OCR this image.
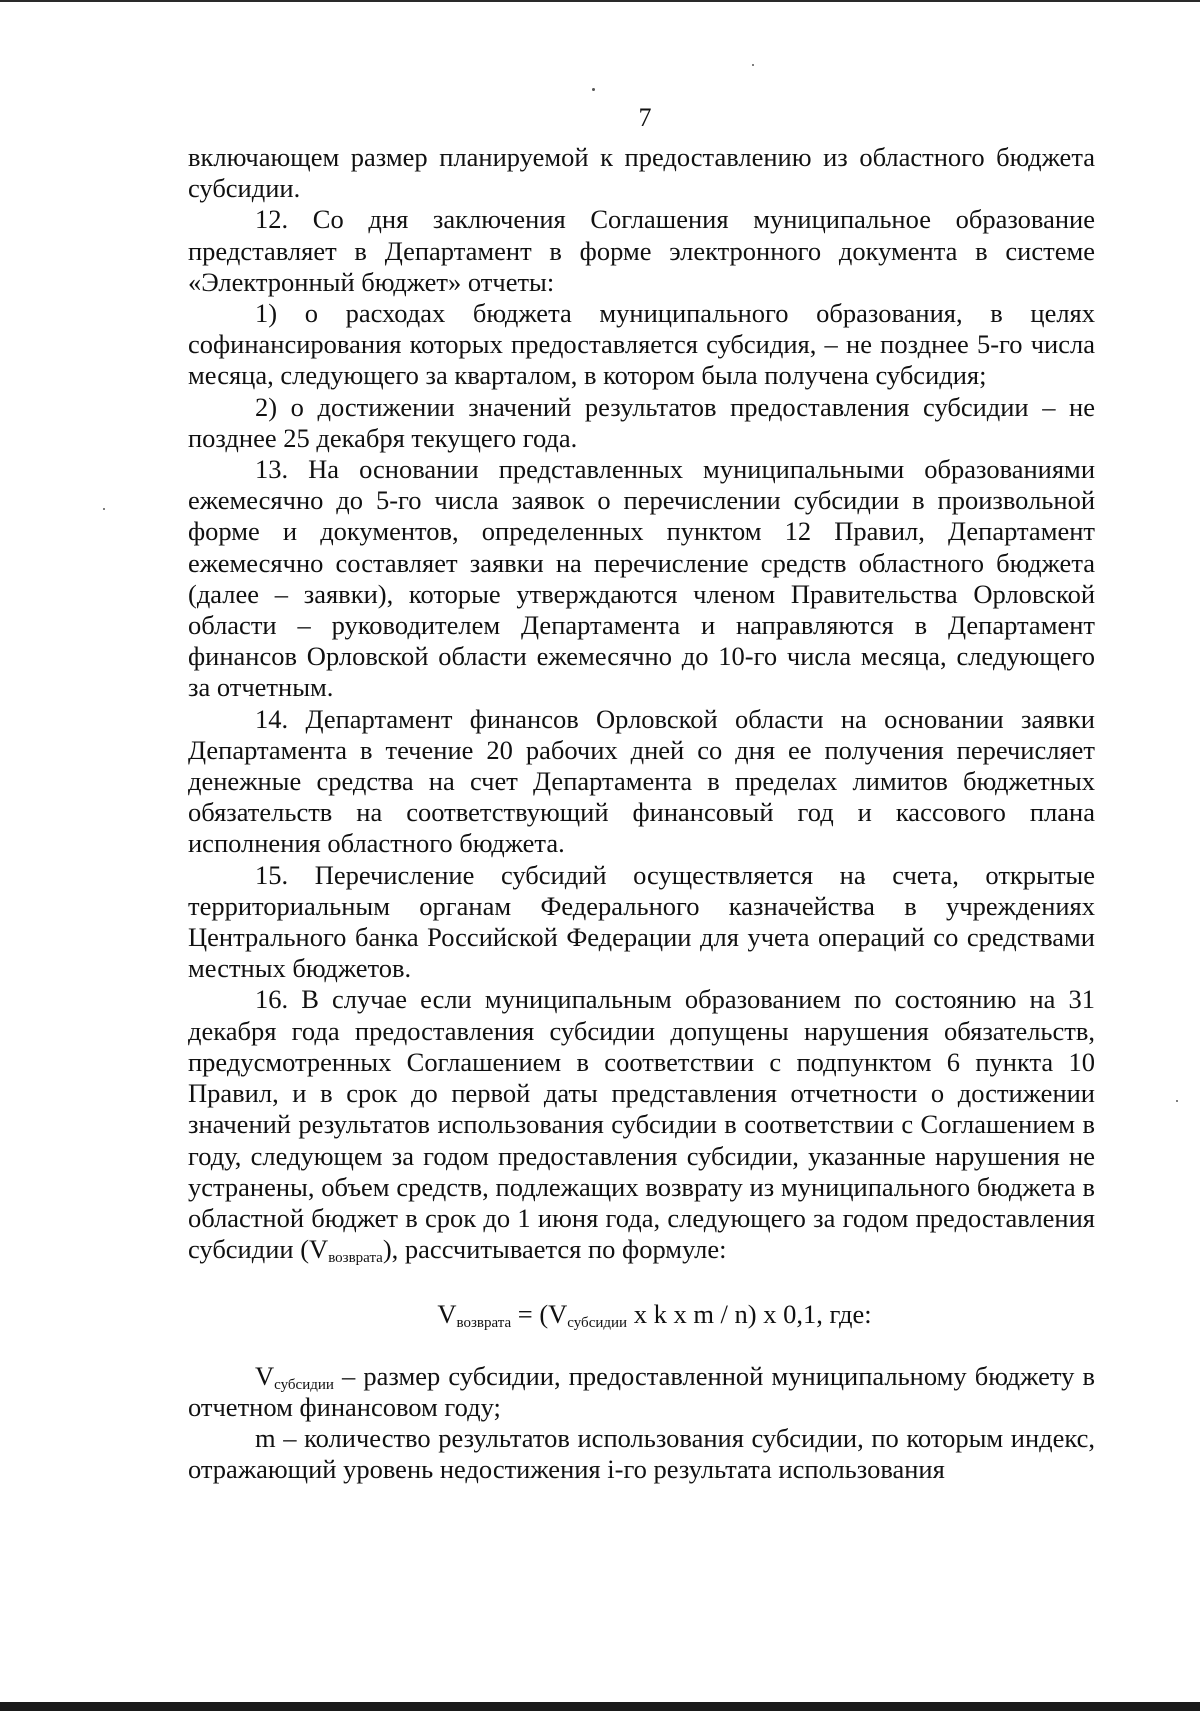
7

включающем размер планируемой к предоставлению из областного бюджета субсидии.

12. Со дня заключения Соглашения муниципальное образование представляет в Департамент в форме электронного документа в системе «Электронный бюджет» отчеты:

1) о расходах бюджета муниципального образования, в целях софинансирования которых предоставляется субсидия, – не позднее 5-го числа месяца, следующего за кварталом, в котором была получена субсидия;

2) о достижении значений результатов предоставления субсидии – не позднее 25 декабря текущего года.

13. На основании представленных муниципальными образованиями ежемесячно до 5-го числа заявок о перечислении субсидии в произвольной форме и документов, определенных пунктом 12 Правил, Департамент ежемесячно составляет заявки на перечисление средств областного бюджета (далее – заявки), которые утверждаются членом Правительства Орловской области – руководителем Департамента и направляются в Департамент финансов Орловской области ежемесячно до 10-го числа месяца, следующего за отчетным.

14. Департамент финансов Орловской области на основании заявки Департамента в течение 20 рабочих дней со дня ее получения перечисляет денежные средства на счет Департамента в пределах лимитов бюджетных обязательств на соответствующий финансовый год и кассового плана исполнения областного бюджета.

15. Перечисление субсидий осуществляется на счета, открытые территориальным органам Федерального казначейства в учреждениях Центрального банка Российской Федерации для учета операций со средствами местных бюджетов.

16. В случае если муниципальным образованием по состоянию на 31 декабря года предоставления субсидии допущены нарушения обязательств, предусмотренных Соглашением в соответствии с подпунктом 6 пункта 10 Правил, и в срок до первой даты представления отчетности о достижении значений результатов использования субсидии в соответствии с Соглашением в году, следующем за годом предоставления субсидии, указанные нарушения не устранены, объем средств, подлежащих возврату из муниципального бюджета в областной бюджет в срок до 1 июня года, следующего за годом предоставления субсидии $(V_{возврата})$, рассчитывается по формуле:

$V_{возврата} = (V_{субсидии}$ x k x m / n) x 0,1, где:

$V_{субсидии}$ – размер субсидии, предоставленной муниципальному бюджету в отчетном финансовом году;

m – количество результатов использования субсидии, по которым индекс, отражающий уровень недостижения i-го результата использования
